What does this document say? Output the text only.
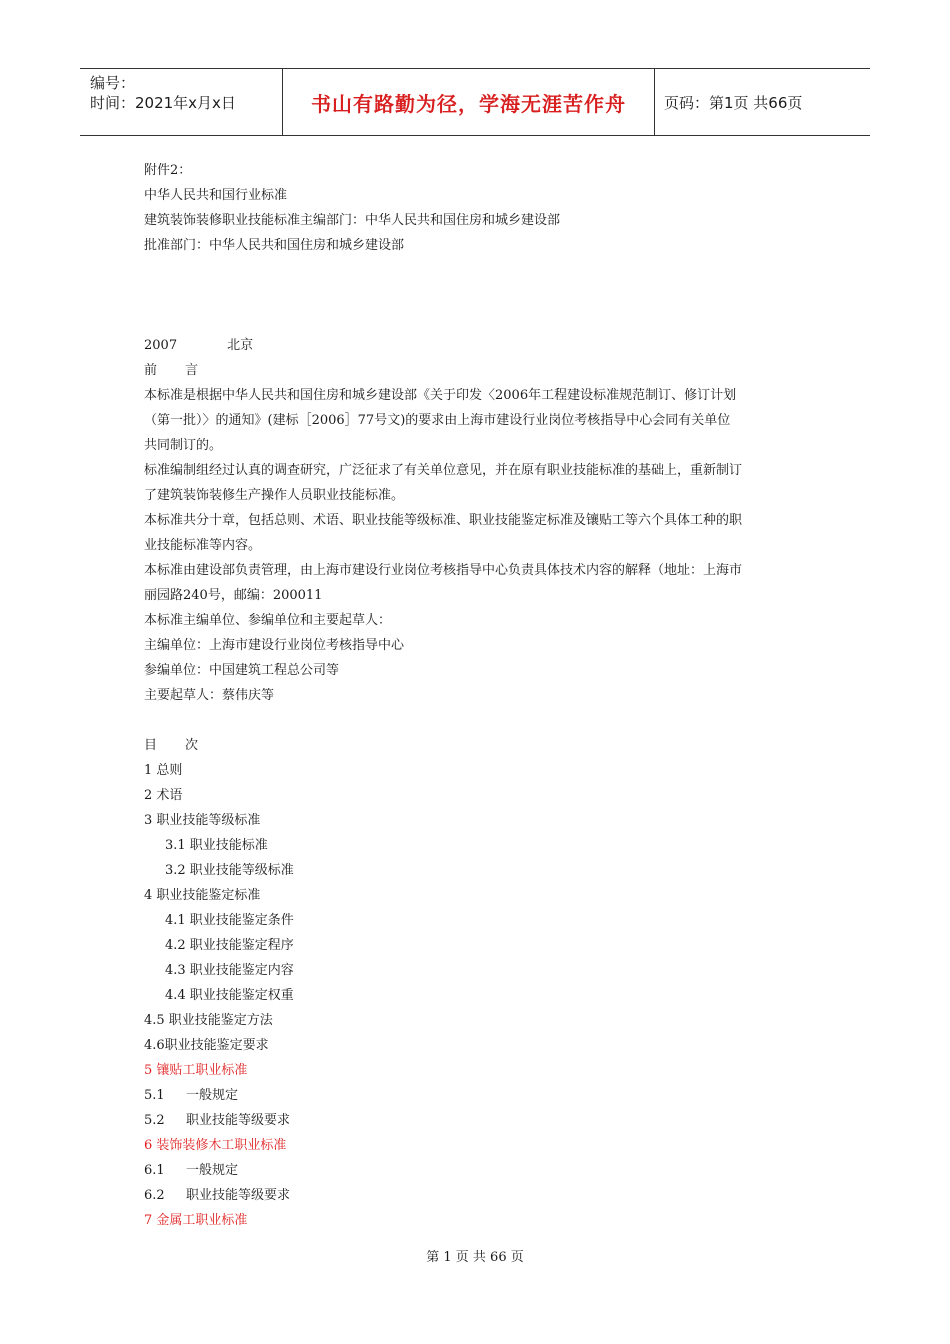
编号：
时间：2021年x月x日	书山有路勤为径，学海无涯苦作舟	页码：第1页 共66页

附件2：

中华人民共和国行业标准

建筑装饰装修职业技能标准主编部门：中华人民共和国住房和城乡建设部

批准部门：中华人民共和国住房和城乡建设部

2007	北京

前 言

本标准是根据中华人民共和国住房和城乡建设部《关于印发〈2006年工程建设标准规范制订、修订计划

（第一批）〉的通知》(建标［2006］77号文)的要求由上海市建设行业岗位考核指导中心会同有关单位

共同制订的。

标准编制组经过认真的调查研究，广泛征求了有关单位意见，并在原有职业技能标准的基础上，重新制订

了建筑装饰装修生产操作人员职业技能标准。

本标准共分十章，包括总则、术语、职业技能等级标准、职业技能鉴定标准及镶贴工等六个具体工种的职

业技能标准等内容。

本标准由建设部负责管理，由上海市建设行业岗位考核指导中心负责具体技术内容的解释（地址：上海市

丽园路240号，邮编：200011

本标准主编单位、参编单位和主要起草人：

主编单位：上海市建设行业岗位考核指导中心

参编单位：中国建筑工程总公司等

主要起草人：蔡伟庆等

目 次

1 总则

2 术语

3 职业技能等级标准

3.1 职业技能标准

3.2 职业技能等级标准

4 职业技能鉴定标准

4.1 职业技能鉴定条件

4.2 职业技能鉴定程序

4.3 职业技能鉴定内容

4.4 职业技能鉴定权重

4.5 职业技能鉴定方法

4.6职业技能鉴定要求

5 镶贴工职业标准

5.1 一般规定

5.2 职业技能等级要求

6 装饰装修木工职业标准

6.1 一般规定

6.2 职业技能等级要求

7 金属工职业标准

第 1 页 共 66 页
